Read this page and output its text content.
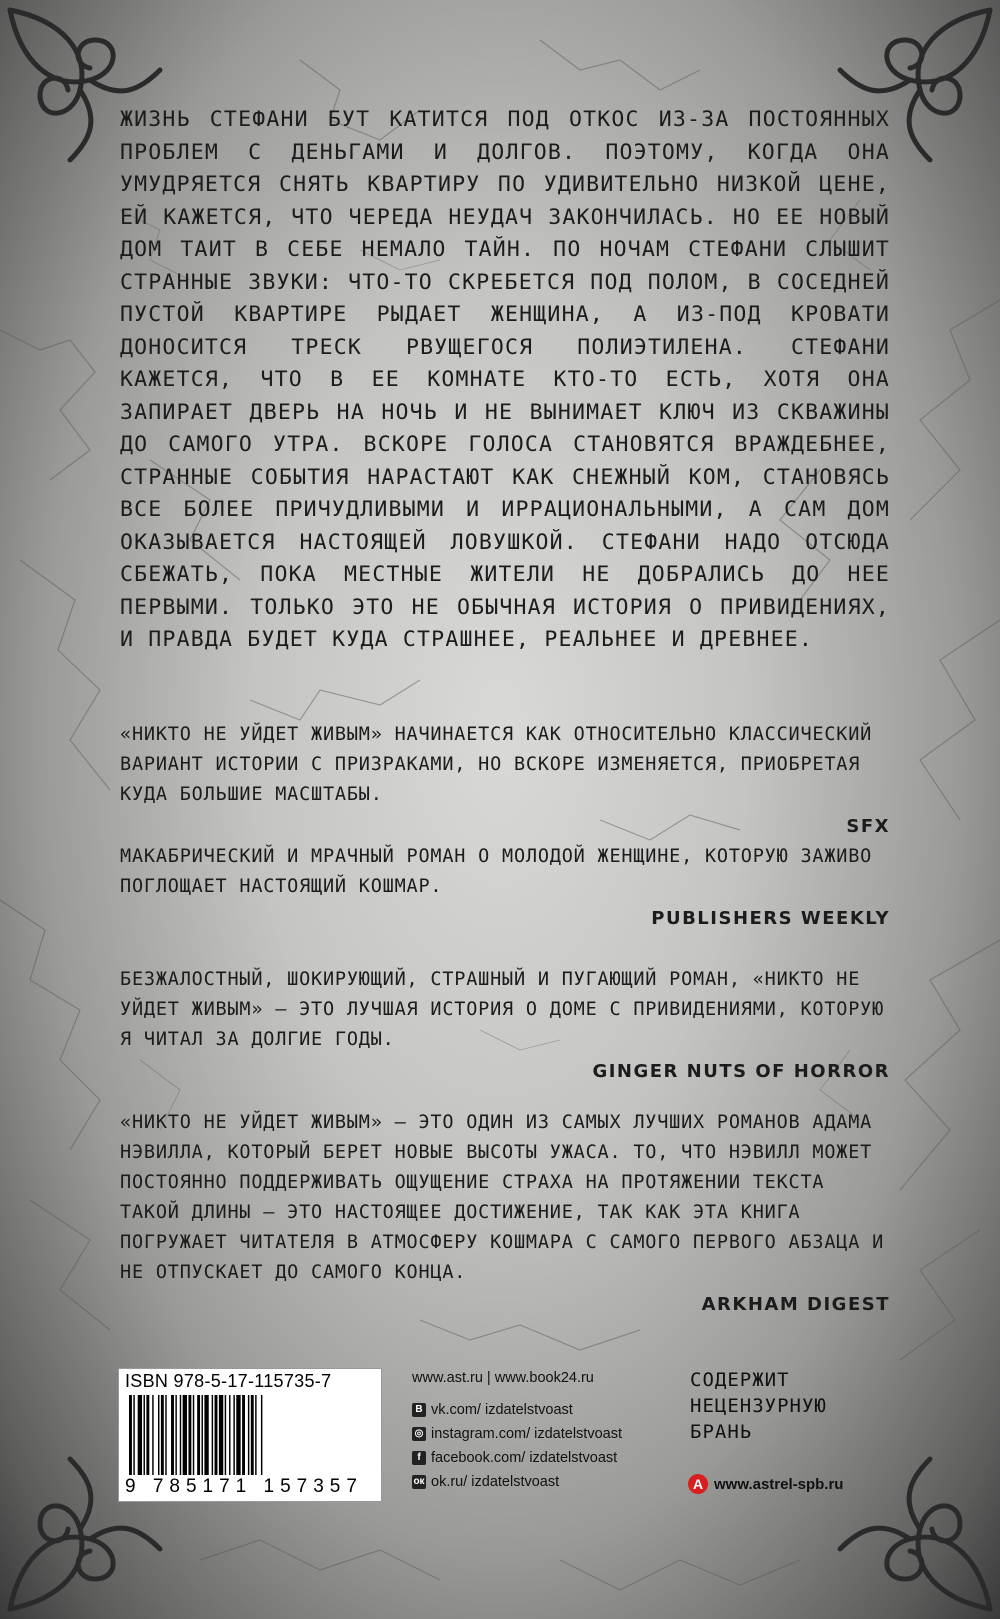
ЖИЗНЬ СТЕФАНИ БУТ КАТИТСЯ ПОД ОТКОС ИЗ-ЗА ПОСТОЯННЫХ ПРОБЛЕМ С ДЕНЬГАМИ И ДОЛГОВ. ПОЭТОМУ, КОГДА ОНА УМУДРЯЕТСЯ СНЯТЬ КВАРТИРУ ПО УДИВИТЕЛЬНО НИЗКОЙ ЦЕНЕ, ЕЙ КАЖЕТСЯ, ЧТО ЧЕРЕДА НЕУДАЧ ЗАКОНЧИЛАСЬ. НО ЕЕ НОВЫЙ ДОМ ТАИТ В СЕБЕ НЕМАЛО ТАЙН. ПО НОЧАМ СТЕФАНИ СЛЫШИТ СТРАННЫЕ ЗВУКИ: ЧТО-ТО СКРЕБЕТСЯ ПОД ПОЛОМ, В СОСЕДНЕЙ ПУСТОЙ КВАРТИРЕ РЫДАЕТ ЖЕНЩИНА, А ИЗ-ПОД КРОВАТИ ДОНОСИТСЯ ТРЕСК РВУЩЕГОСЯ ПОЛИЭТИЛЕНА. СТЕФАНИ КАЖЕТСЯ, ЧТО В ЕЕ КОМНАТЕ КТО-ТО ЕСТЬ, ХОТЯ ОНА ЗАПИРАЕТ ДВЕРЬ НА НОЧЬ И НЕ ВЫНИМАЕТ КЛЮЧ ИЗ СКВАЖИНЫ ДО САМОГО УТРА. ВСКОРЕ ГОЛОСА СТАНОВЯТСЯ ВРАЖДЕБНЕЕ, СТРАННЫЕ СОБЫТИЯ НАРАСТАЮТ КАК СНЕЖНЫЙ КОМ, СТАНОВЯСЬ ВСЕ БОЛЕЕ ПРИЧУДЛИВЫМИ И ИРРАЦИОНАЛЬНЫМИ, А САМ ДОМ ОКАЗЫВАЕТСЯ НАСТОЯЩЕЙ ЛОВУШКОЙ. СТЕФАНИ НАДО ОТСЮДА СБЕЖАТЬ, ПОКА МЕСТНЫЕ ЖИТЕЛИ НЕ ДОБРАЛИСЬ ДО НЕЕ ПЕРВЫМИ. ТОЛЬКО ЭТО НЕ ОБЫЧНАЯ ИСТОРИЯ О ПРИВИДЕНИЯХ, И ПРАВДА БУДЕТ КУДА СТРАШНЕЕ, РЕАЛЬНЕЕ И ДРЕВНЕЕ.
«НИКТО НЕ УЙДЕТ ЖИВЫМ» НАЧИНАЕТСЯ КАК ОТНОСИТЕЛЬНО КЛАССИЧЕСКИЙ ВАРИАНТ ИСТОРИИ С ПРИЗРАКАМИ, НО ВСКОРЕ ИЗМЕНЯЕТСЯ, ПРИОБРЕТАЯ КУДА БОЛЬШИЕ МАСШТАБЫ.
SFX
МАКАБРИЧЕСКИЙ И МРАЧНЫЙ РОМАН О МОЛОДОЙ ЖЕНЩИНЕ, КОТОРУЮ ЗАЖИВО ПОГЛОЩАЕТ НАСТОЯЩИЙ КОШМАР.
PUBLISHERS WEEKLY
БЕЗЖАЛОСТНЫЙ, ШОКИРУЮЩИЙ, СТРАШНЫЙ И ПУГАЮЩИЙ РОМАН, «НИКТО НЕ УЙДЕТ ЖИВЫМ» — ЭТО ЛУЧШАЯ ИСТОРИЯ О ДОМЕ С ПРИВИДЕНИЯМИ, КОТОРУЮ Я ЧИТАЛ ЗА ДОЛГИЕ ГОДЫ.
GINGER NUTS OF HORROR
«НИКТО НЕ УЙДЕТ ЖИВЫМ» — ЭТО ОДИН ИЗ САМЫХ ЛУЧШИХ РОМАНОВ АДАМА НЭВИЛЛА, КОТОРЫЙ БЕРЕТ НОВЫЕ ВЫСОТЫ УЖАСА. ТО, ЧТО НЭВИЛЛ МОЖЕТ ПОСТОЯННО ПОДДЕРЖИВАТЬ ОЩУЩЕНИЕ СТРАХА НА ПРОТЯЖЕНИИ ТЕКСТА ТАКОЙ ДЛИНЫ — ЭТО НАСТОЯЩЕЕ ДОСТИЖЕНИЕ, ТАК КАК ЭТА КНИГА ПОГРУЖАЕТ ЧИТАТЕЛЯ В АТМОСФЕРУ КОШМАРА С САМОГО ПЕРВОГО АБЗАЦА И НЕ ОТПУСКАЕТ ДО САМОГО КОНЦА.
ARKHAM DIGEST
ISBN 978-5-17-115735-7
9 785171 157357
www.ast.ru | www.book24.ru
В vk.com/ izdatelstvoast
◎ instagram.com/ izdatelstvoast
f facebook.com/ izdatelstvoast
ок ok.ru/ izdatelstvoast
СОДЕРЖИТ НЕЦЕНЗУРНУЮ БРАНЬ
A www.astrel-spb.ru
